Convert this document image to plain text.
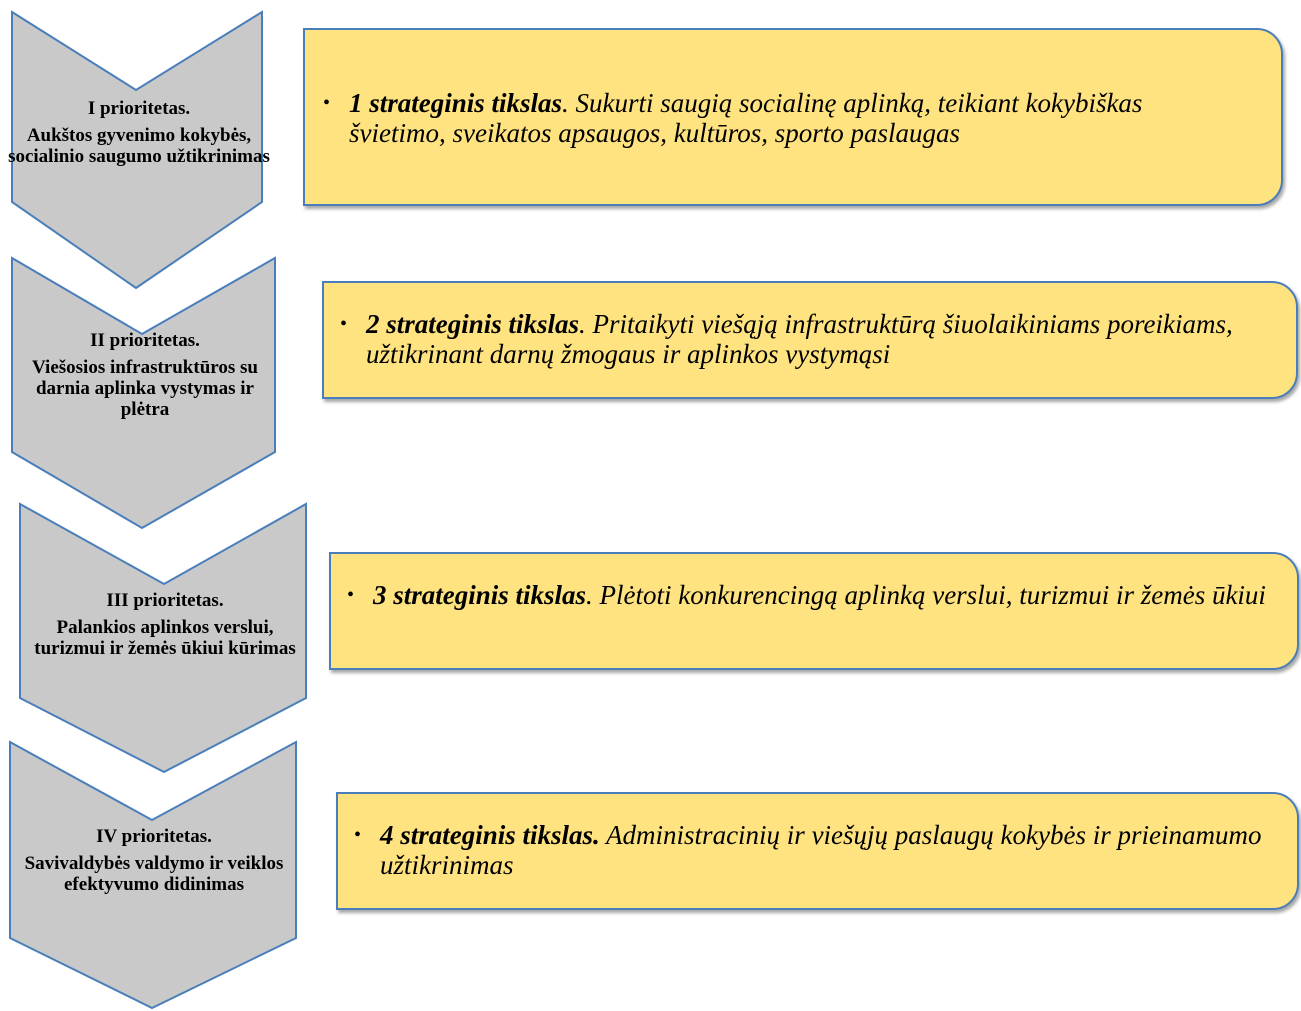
I prioritetas.
Aukštos gyvenimo kokybės, socialinio saugumo užtikrinimas
• 1 strateginis tikslas. Sukurti saugią socialinę aplinką, teikiant kokybiškas švietimo, sveikatos apsaugos, kultūros, sporto paslaugas
II prioritetas.
Viešosios infrastruktūros su darnia aplinka vystymas ir plėtra
• 2 strateginis tikslas. Pritaikyti viešąją infrastruktūrą šiuolaikiniams poreikiams, užtikrinant darnų žmogaus ir aplinkos vystymąsi
III prioritetas.
Palankios aplinkos verslui, turizmui ir žemės ūkiui kūrimas
• 3 strateginis tikslas. Plėtoti konkurencingą aplinką verslui, turizmui ir žemės ūkiui
IV prioritetas.
Savivaldybės valdymo ir veiklos efektyvumo didinimas
• 4 strateginis tikslas. Administracinių ir viešųjų paslaugų kokybės ir prieinamumo užtikrinimas
